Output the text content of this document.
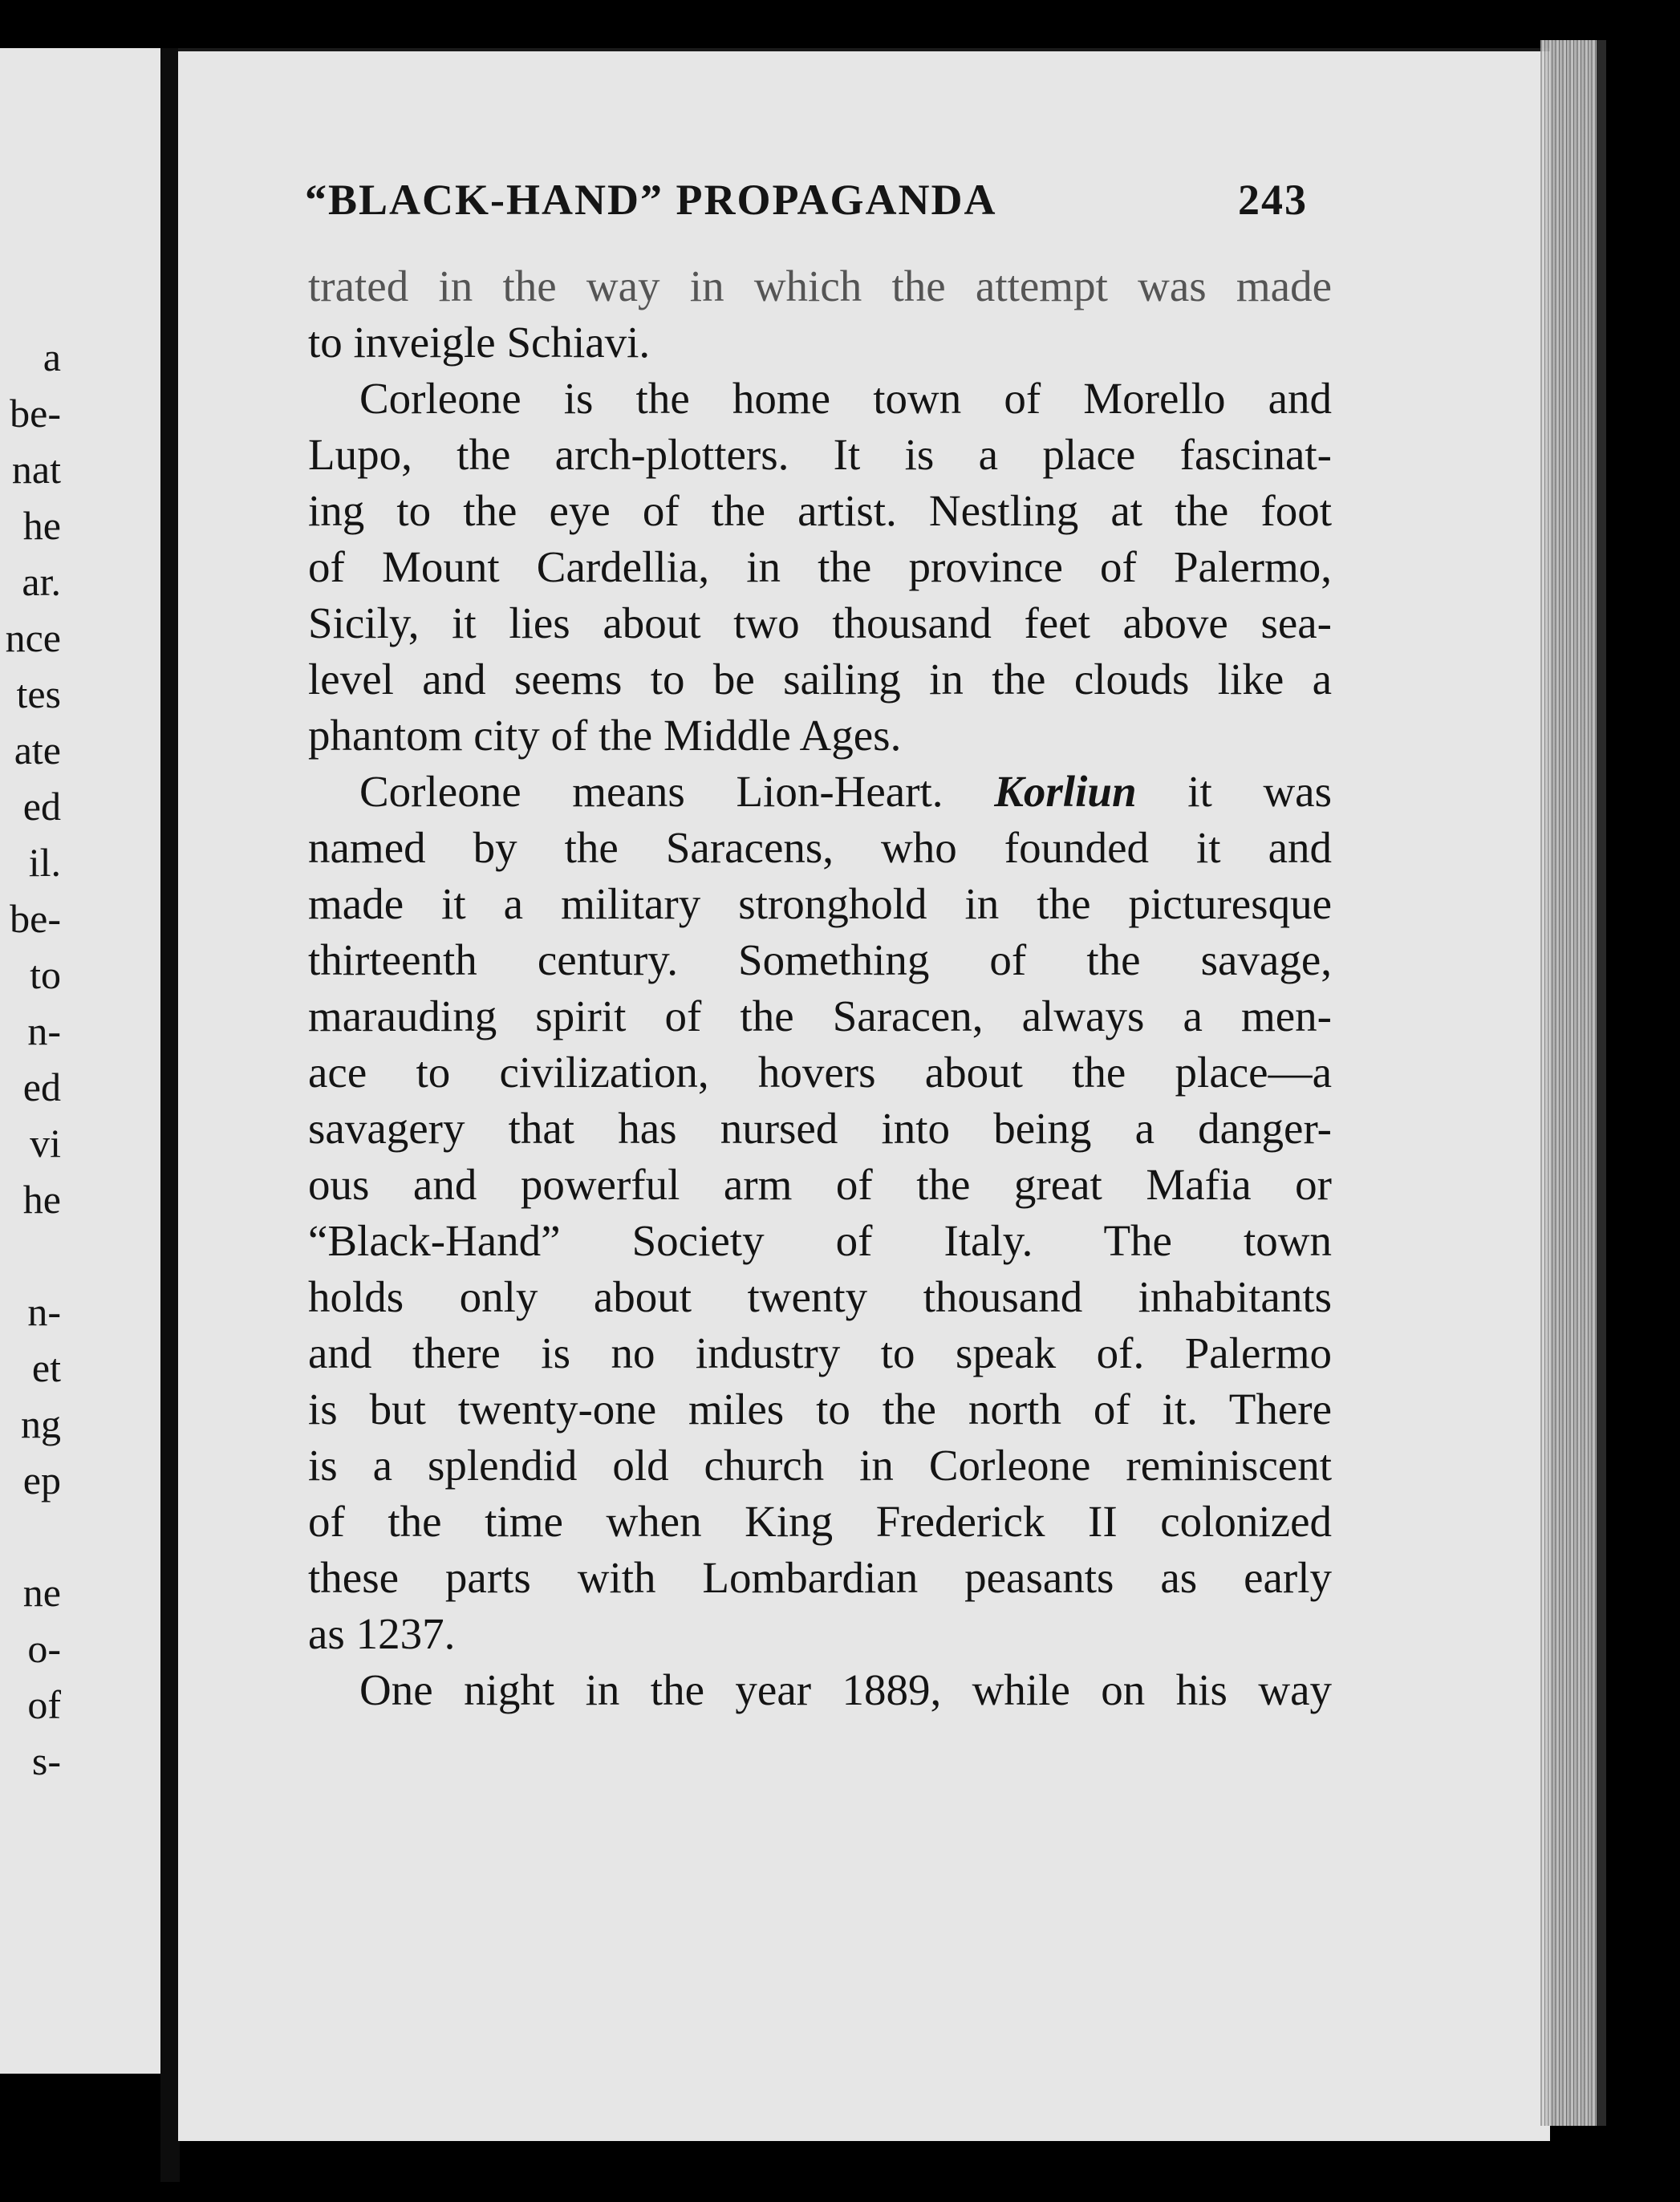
a
be-
nat
he
ar.
nce
tes
ate
ed
il.
be-
to
n-
ed
vi
he
n-
et
ng
ep
ne
o-
of
s-
“BLACK-HAND” PROPAGANDA	243
trated in the way in which the attempt was made
to inveigle Schiavi.
Corleone is the home town of Morello and
Lupo, the arch-plotters. It is a place fascinat-
ing to the eye of the artist. Nestling at the foot
of Mount Cardellia, in the province of Palermo,
Sicily, it lies about two thousand feet above sea-
level and seems to be sailing in the clouds like a
phantom city of the Middle Ages.
Corleone means Lion-Heart. Korliun it was
named by the Saracens, who founded it and
made it a military stronghold in the picturesque
thirteenth century. Something of the savage,
marauding spirit of the Saracen, always a men-
ace to civilization, hovers about the place—a
savagery that has nursed into being a danger-
ous and powerful arm of the great Mafia or
“Black-Hand” Society of Italy. The town
holds only about twenty thousand inhabitants
and there is no industry to speak of. Palermo
is but twenty-one miles to the north of it. There
is a splendid old church in Corleone reminiscent
of the time when King Frederick II colonized
these parts with Lombardian peasants as early
as 1237.
One night in the year 1889, while on his way
